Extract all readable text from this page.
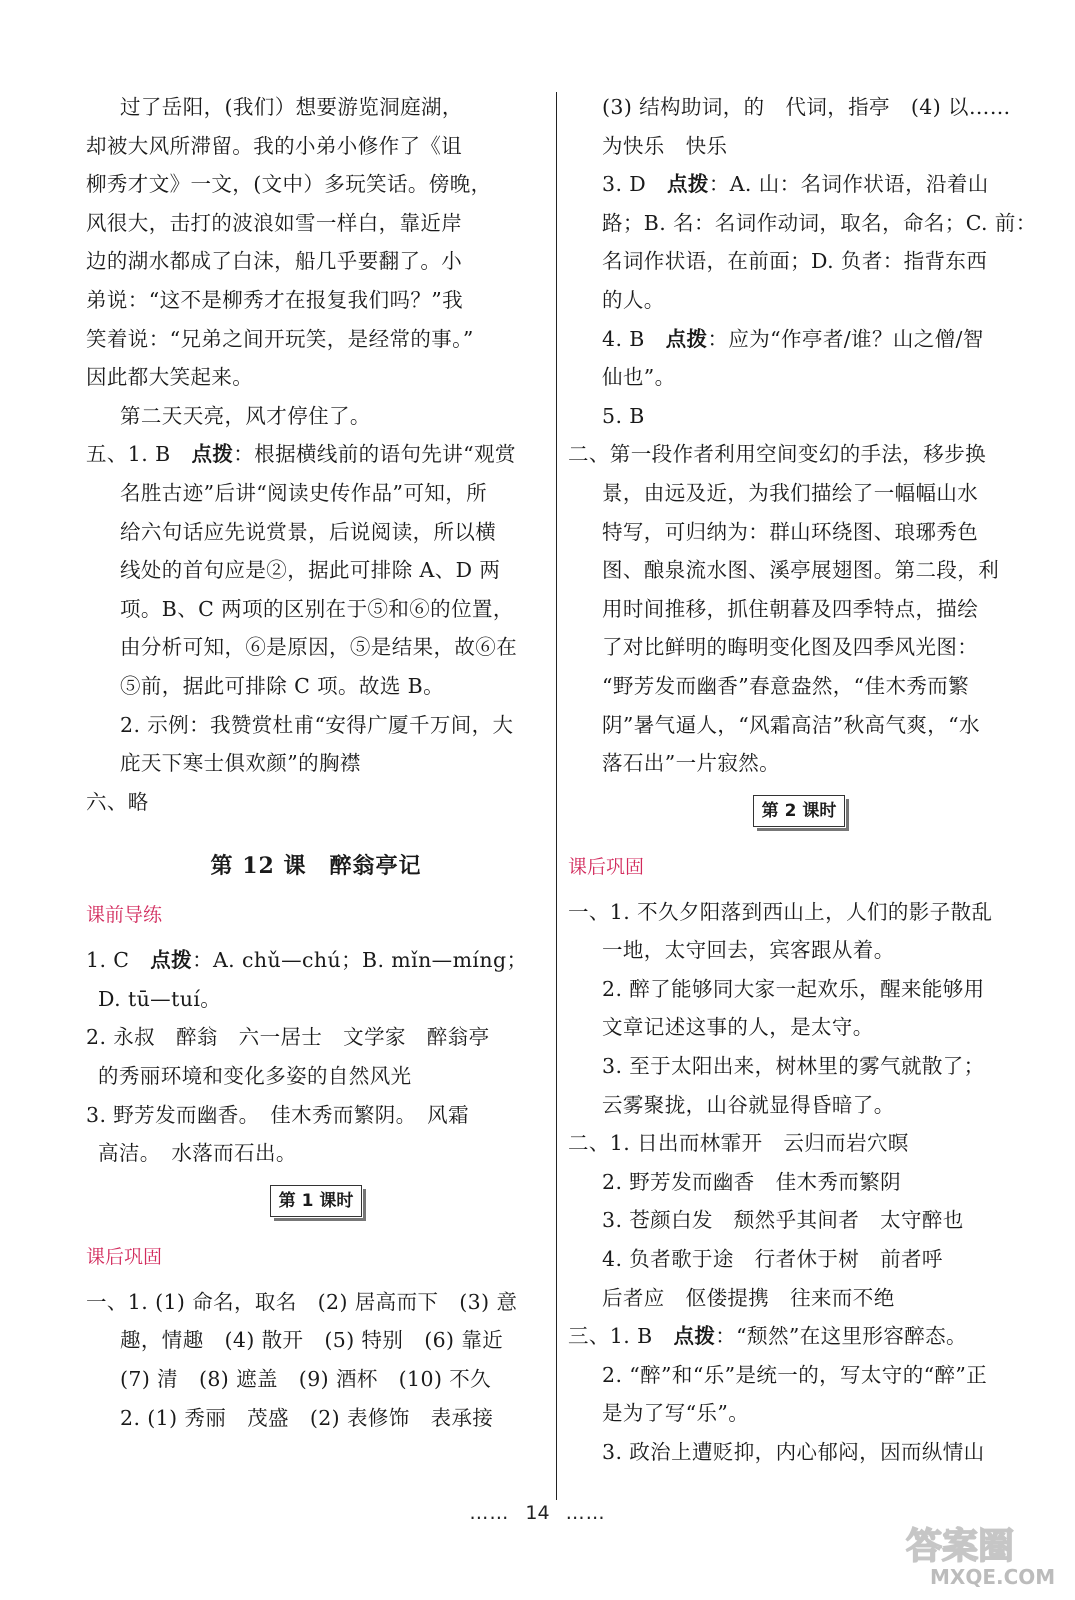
过了岳阳，(我们）想要游览洞庭湖，
却被大风所滞留。我的小弟小修作了《诅
柳秀才文》一文，(文中）多玩笑话。傍晚，
风很大，击打的波浪如雪一样白，靠近岸
边的湖水都成了白沫，船几乎要翻了。小
弟说：“这不是柳秀才在报复我们吗？”我
笑着说：“兄弟之间开玩笑，是经常的事。”
因此都大笑起来。
第二天天亮，风才停住了。
五、1. B　点拨：根据横线前的语句先讲“观赏
名胜古迹”后讲“阅读史传作品”可知，所
给六句话应先说赏景，后说阅读，所以横
线处的首句应是②，据此可排除 A、D 两
项。B、C 两项的区别在于⑤和⑥的位置，
由分析可知，⑥是原因，⑤是结果，故⑥在
⑤前，据此可排除 C 项。故选 B。
2. 示例：我赞赏杜甫“安得广厦千万间，大
庇天下寒士俱欢颜”的胸襟
六、略
第 12 课　醉翁亭记
课前导练
1. C　点拨：A. chǔ—chú；B. mǐn—míng；
D. tū—tuí。
2. 永叔　醉翁　六一居士　文学家　醉翁亭
的秀丽环境和变化多姿的自然风光
3. 野芳发而幽香。　佳木秀而繁阴。　风霜
高洁。　水落而石出。
第 1 课时
课后巩固
一、1. (1) 命名，取名　(2) 居高而下　(3) 意
趣，情趣　(4) 散开　(5) 特别　(6) 靠近
(7) 清　(8) 遮盖　(9) 酒杯　(10) 不久
2. (1) 秀丽　茂盛　(2) 表修饰　表承接
(3) 结构助词，的　代词，指亭　(4) 以……
为快乐　快乐
3. D　点拨：A. 山：名词作状语，沿着山
路；B. 名：名词作动词，取名，命名；C. 前：
名词作状语，在前面；D. 负者：指背东西
的人。
4. B　点拨：应为“作亭者/谁？山之僧/智
仙也”。
5. B
二、第一段作者利用空间变幻的手法，移步换
景，由远及近，为我们描绘了一幅幅山水
特写，可归纳为：群山环绕图、琅琊秀色
图、酿泉流水图、溪亭展翅图。第二段，利
用时间推移，抓住朝暮及四季特点，描绘
了对比鲜明的晦明变化图及四季风光图：
“野芳发而幽香”春意盎然，“佳木秀而繁
阴”暑气逼人，“风霜高洁”秋高气爽，“水
落石出”一片寂然。
第 2 课时
课后巩固
一、1. 不久夕阳落到西山上，人们的影子散乱
一地，太守回去，宾客跟从着。
2. 醉了能够同大家一起欢乐，醒来能够用
文章记述这事的人，是太守。
3. 至于太阳出来，树林里的雾气就散了；
云雾聚拢，山谷就显得昏暗了。
二、1. 日出而林霏开　云归而岩穴暝
2. 野芳发而幽香　佳木秀而繁阴
3. 苍颜白发　颓然乎其间者　太守醉也
4. 负者歌于途　行者休于树　前者呼
后者应　伛偻提携　往来而不绝
三、1. B　点拨：“颓然”在这里形容醉态。
2. “醉”和“乐”是统一的，写太守的“醉”正
是为了写“乐”。
3. 政治上遭贬抑，内心郁闷，因而纵情山
…… 14 ……
答案圈
MXQE.COM
